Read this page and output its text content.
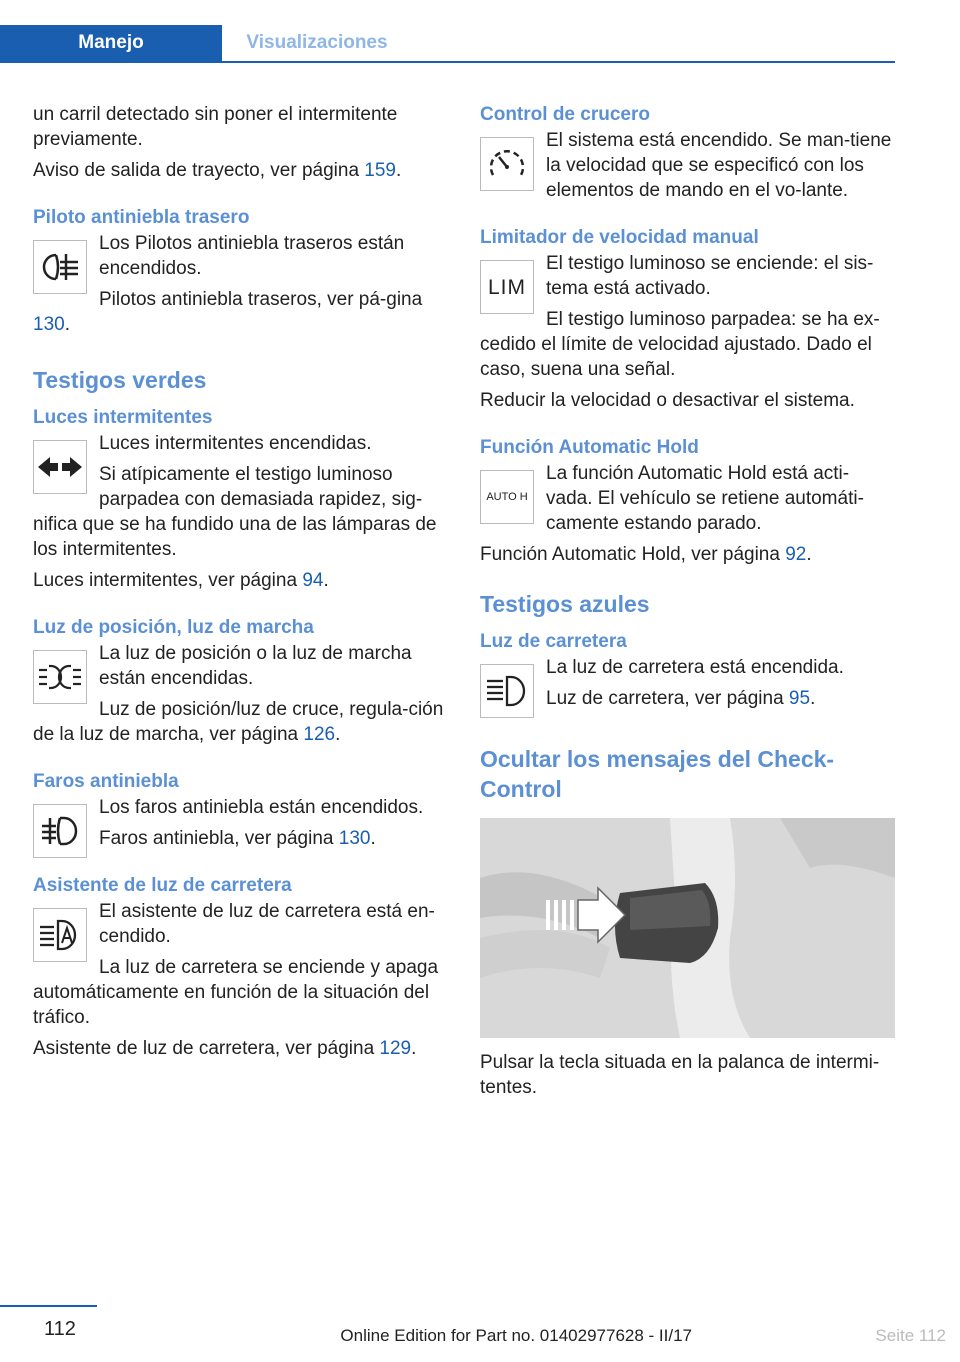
Manejo	Visualizaciones

un carril detectado sin poner el intermitente previamente.

Aviso de salida de trayecto, ver página 159.

Piloto antiniebla trasero

Los Pilotos antiniebla traseros están encendidos.

Pilotos antiniebla traseros, ver pá-gina 130.

Testigos verdes
Luces intermitentes

Luces intermitentes encendidas.

Si atípicamente el testigo luminoso parpadea con demasiada rapidez, sig-nifica que se ha fundido una de las lámparas de los intermitentes.

Luces intermitentes, ver página 94.

Luz de posición, luz de marcha

La luz de posición o la luz de marcha están encendidas.

Luz de posición/luz de cruce, regula-ción de la luz de marcha, ver página 126.

Faros antiniebla

Los faros antiniebla están encendidos.

Faros antiniebla, ver página 130.

Asistente de luz de carretera

El asistente de luz de carretera está en-cendido.

La luz de carretera se enciende y apaga automáticamente en función de la situación del tráfico.

Asistente de luz de carretera, ver página 129.

Control de crucero

El sistema está encendido. Se man-tiene la velocidad que se especificó con los elementos de mando en el vo-lante.

Limitador de velocidad manual
LIM

El testigo luminoso se enciende: el sis-tema está activado.

El testigo luminoso parpadea: se ha ex-cedido el límite de velocidad ajustado. Dado el caso, suena una señal.

Reducir la velocidad o desactivar el sistema.

Función Automatic Hold
AUTO H

La función Automatic Hold está acti-vada. El vehículo se retiene automáti-camente estando parado.

Función Automatic Hold, ver página 92.

Testigos azules
Luz de carretera

La luz de carretera está encendida.

Luz de carretera, ver página 95.

Ocultar los mensajes del Check-Control

Pulsar la tecla situada en la palanca de intermi-tentes.

112	Online Edition for Part no. 01402977628 - II/17	Seite 112
